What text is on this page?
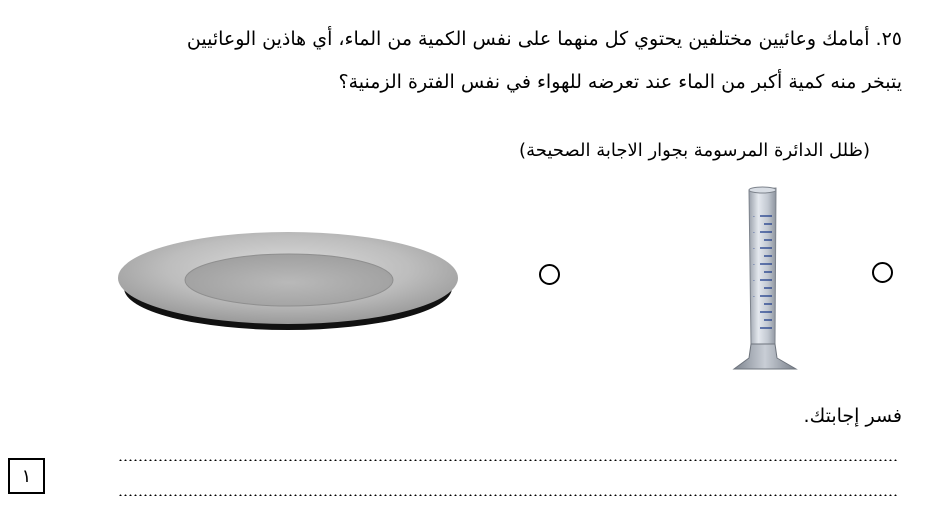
٢٥. أمامك وعائيين مختلفين يحتوي كل منهما على نفس الكمية من الماء، أي هاذين الوعائيين
يتبخر منه كمية أكبر من الماء عند تعرضه للهواء في نفس الفترة الزمنية؟
(ظلل الدائرة المرسومة بجوار الاجابة الصحيحة)
-
-
-
-
-
-
فسر إجابتك.
١
